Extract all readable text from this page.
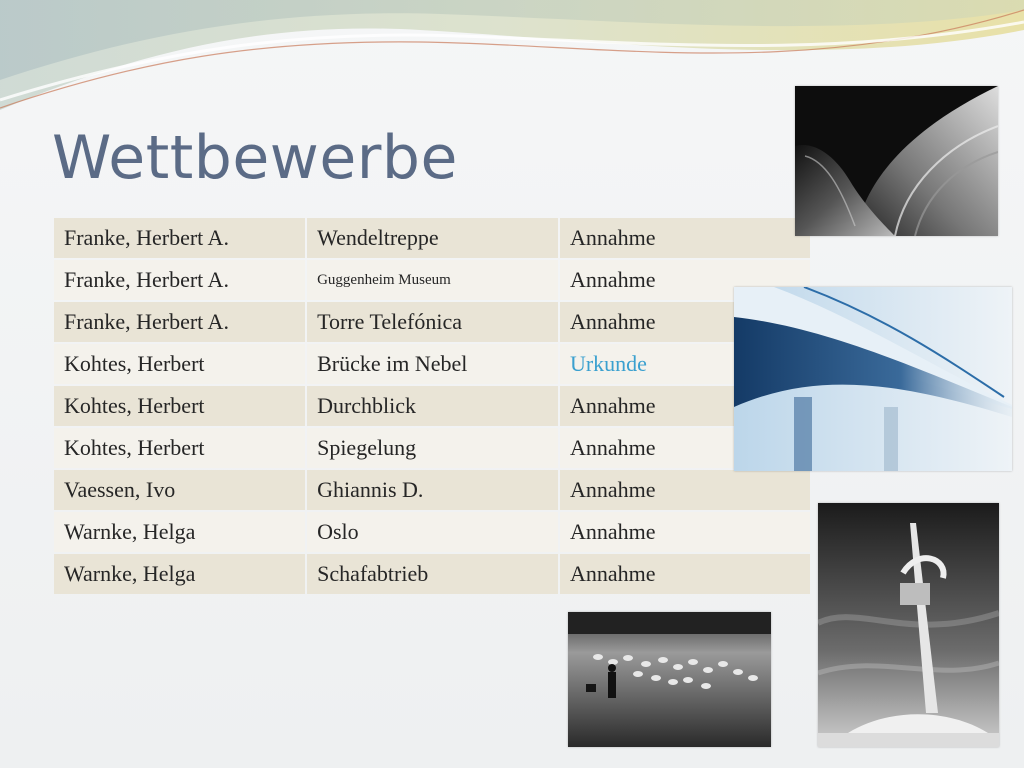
Wettbewerbe
Franke, Herbert A.	Wendeltreppe	Annahme
Franke, Herbert A.	Guggenheim Museum	Annahme
Franke, Herbert A.	Torre Telefónica	Annahme
Kohtes, Herbert	Brücke im Nebel	Urkunde
Kohtes, Herbert	Durchblick	Annahme
Kohtes, Herbert	Spiegelung	Annahme
Vaessen, Ivo	Ghiannis D.	Annahme
Warnke, Helga	Oslo	Annahme
Warnke, Helga	Schafabtrieb	Annahme
